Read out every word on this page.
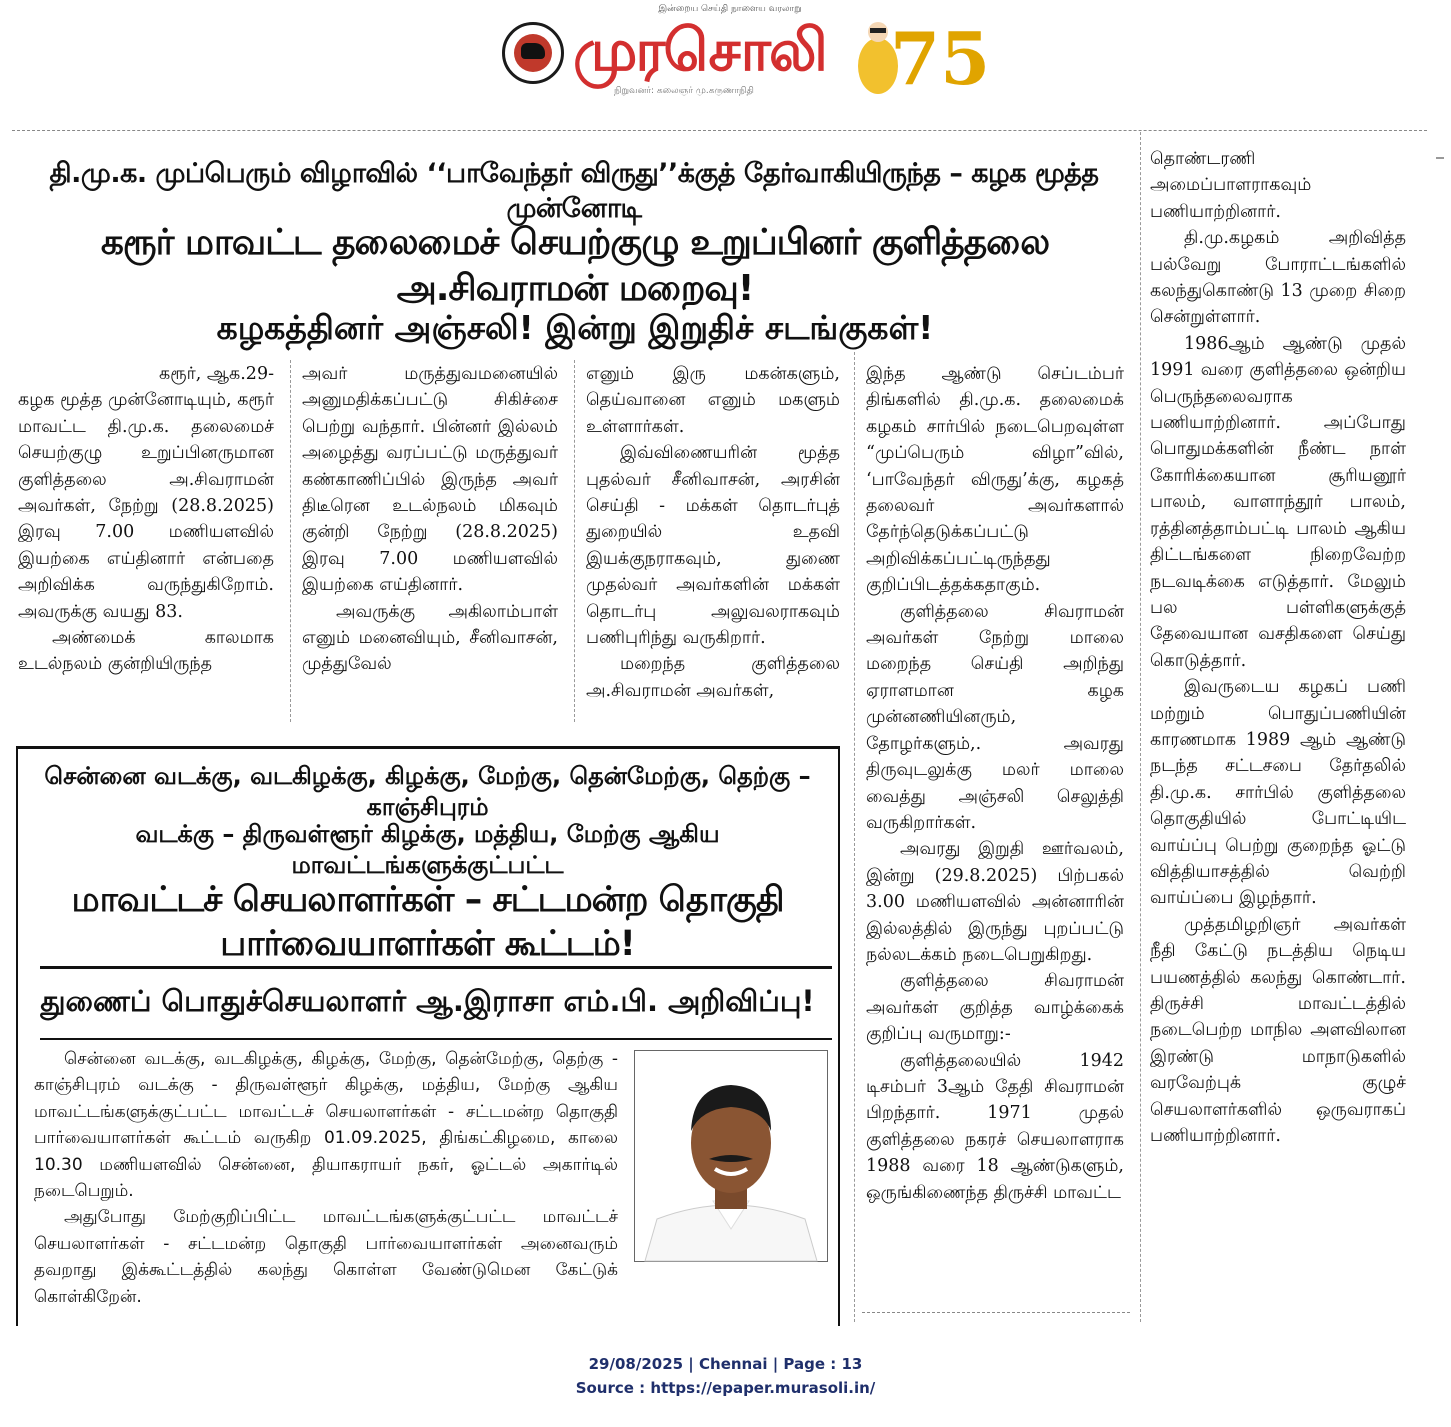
இன்றைய செய்தி நாளைய வரலாறு
முரசொலி
நிறுவனர்: கலைஞர் மு.கருணாநிதி 75
தி.மு.க. முப்பெரும் விழாவில் ‘‘பாவேந்தர் விருது’’க்குத் தேர்வாகியிருந்த – கழக மூத்த முன்னோடி
கரூர் மாவட்ட தலைமைச் செயற்குழு உறுப்பினர் குளித்தலை அ.சிவராமன் மறைவு!
கழகத்தினர் அஞ்சலி! இன்று இறுதிச் சடங்குகள்!

கரூர், ஆக.29-

கழக மூத்த முன்னோடியும், கரூர் மாவட்ட தி.மு.க. தலைமைச் செயற்குழு உறுப்பினருமான குளித்தலை அ.சிவராமன் அவர்கள், நேற்று (28.8.2025) இரவு 7.00 மணியளவில் இயற்கை எய்தினார் என்பதை அறிவிக்க வருந்துகிறோம். அவருக்கு வயது 83.

அண்மைக் காலமாக உடல்நலம் குன்றியிருந்த

அவர் மருத்துவமனையில் அனுமதிக்கப்பட்டு சிகிச்சை பெற்று வந்தார். பின்னர் இல்லம் அழைத்து வரப்பட்டு மருத்துவர் கண்காணிப்பில் இருந்த அவர் திடீரென உடல்நலம் மிகவும் குன்றி நேற்று (28.8.2025) இரவு 7.00 மணியளவில் இயற்கை எய்தினார்.

அவருக்கு அகிலாம்பாள் எனும் மனைவியும், சீனிவாசன், முத்துவேல்

எனும் இரு மகன்களும், தெய்வானை எனும் மகளும் உள்ளார்கள்.

இவ்விணையரின் மூத்த புதல்வர் சீனிவாசன், அரசின் செய்தி - மக்கள் தொடர்புத் துறையில் உதவி இயக்குநராகவும், துணை முதல்வர் அவர்களின் மக்கள் தொடர்பு அலுவலராகவும் பணிபுரிந்து வருகிறார்.

மறைந்த குளித்தலை அ.சிவராமன் அவர்கள்,

இந்த ஆண்டு செப்டம்பர் திங்களில் தி.மு.க. தலைமைக் கழகம் சார்பில் நடைபெறவுள்ள “முப்பெரும் விழா”வில், ‘பாவேந்தர் விருது’க்கு, கழகத் தலைவர் அவர்களால் தேர்ந்தெடுக்கப்பட்டு அறிவிக்கப்பட்டிருந்தது குறிப்பிடத்தக்கதாகும்.

குளித்தலை சிவராமன் அவர்கள் நேற்று மாலை மறைந்த செய்தி அறிந்து ஏராளமான கழக முன்னணியினரும், தோழர்களும்,. அவரது திருவுடலுக்கு மலர் மாலை வைத்து அஞ்சலி செலுத்தி வருகிறார்கள்.

அவரது இறுதி ஊர்வலம், இன்று (29.8.2025) பிற்பகல் 3.00 மணியளவில் அன்னாரின் இல்லத்தில் இருந்து புறப்பட்டு நல்லடக்கம் நடைபெறுகிறது.

குளித்தலை சிவராமன் அவர்கள் குறித்த வாழ்க்கைக் குறிப்பு வருமாறு:-

குளித்தலையில் 1942 டிசம்பர் 3ஆம் தேதி சிவராமன் பிறந்தார். 1971 முதல் குளித்தலை நகரச் செயலாளராக 1988 வரை 18 ஆண்டுகளும், ஒருங்கிணைந்த திருச்சி மாவட்ட

தொண்டரணி அமைப்பாளராகவும் பணியாற்றினார்.

தி.மு.கழகம் அறிவித்த பல்வேறு போராட்டங்களில் கலந்துகொண்டு 13 முறை சிறை சென்றுள்ளார்.

1986ஆம் ஆண்டு முதல் 1991 வரை குளித்தலை ஒன்றிய பெருந்தலைவராக பணியாற்றினார். அப்போது பொதுமக்களின் நீண்ட நாள் கோரிக்கையான சூரியனூர் பாலம், வாளாந்தூர் பாலம், ரத்தினத்தாம்பட்டி பாலம் ஆகிய திட்டங்களை நிறைவேற்ற நடவடிக்கை எடுத்தார். மேலும் பல பள்ளிகளுக்குத் தேவையான வசதிகளை செய்து கொடுத்தார்.

இவருடைய கழகப் பணி மற்றும் பொதுப்பணியின் காரணமாக 1989 ஆம் ஆண்டு நடந்த சட்டசபை தேர்தலில் தி.மு.க. சார்பில் குளித்தலை தொகுதியில் போட்டியிட வாய்ப்பு பெற்று குறைந்த ஓட்டு வித்தியாசத்தில் வெற்றி வாய்ப்பை இழந்தார்.

முத்தமிழறிஞர் அவர்கள் நீதி கேட்டு நடத்திய நெடிய பயணத்தில் கலந்து கொண்டார். திருச்சி மாவட்டத்தில் நடைபெற்ற மாநில அளவிலான இரண்டு மாநாடுகளில் வரவேற்புக் குழுச் செயலாளர்களில் ஒருவராகப் பணியாற்றினார்.

சென்னை வடக்கு, வடகிழக்கு, கிழக்கு, மேற்கு, தென்மேற்கு, தெற்கு – காஞ்சிபுரம்
வடக்கு – திருவள்ளூர் கிழக்கு, மத்திய, மேற்கு ஆகிய மாவட்டங்களுக்குட்பட்ட
மாவட்டச் செயலாளர்கள் – சட்டமன்ற தொகுதி பார்வையாளர்கள் கூட்டம்!
துணைப் பொதுச்செயலாளர் ஆ.இராசா எம்.பி. அறிவிப்பு!

சென்னை வடக்கு, வடகிழக்கு, கிழக்கு, மேற்கு, தென்மேற்கு, தெற்கு - காஞ்சிபுரம் வடக்கு - திருவள்ளூர் கிழக்கு, மத்திய, மேற்கு ஆகிய மாவட்டங்களுக்குட்பட்ட மாவட்டச் செயலாளர்கள் - சட்டமன்ற தொகுதி பார்வையாளர்கள் கூட்டம் வருகிற 01.09.2025, திங்கட்கிழமை, காலை 10.30 மணியளவில் சென்னை, தியாகராயர் நகர், ஓட்டல் அகார்டில் நடைபெறும்.

அதுபோது மேற்குறிப்பிட்ட மாவட்டங்களுக்குட்பட்ட மாவட்டச் செயலாளர்கள் - சட்டமன்ற தொகுதி பார்வையாளர்கள் அனைவரும் தவறாது இக்கூட்டத்தில் கலந்து கொள்ள வேண்டுமென கேட்டுக் கொள்கிறேன்.

29/08/2025 | Chennai | Page : 13
Source : https://epaper.murasoli.in/
